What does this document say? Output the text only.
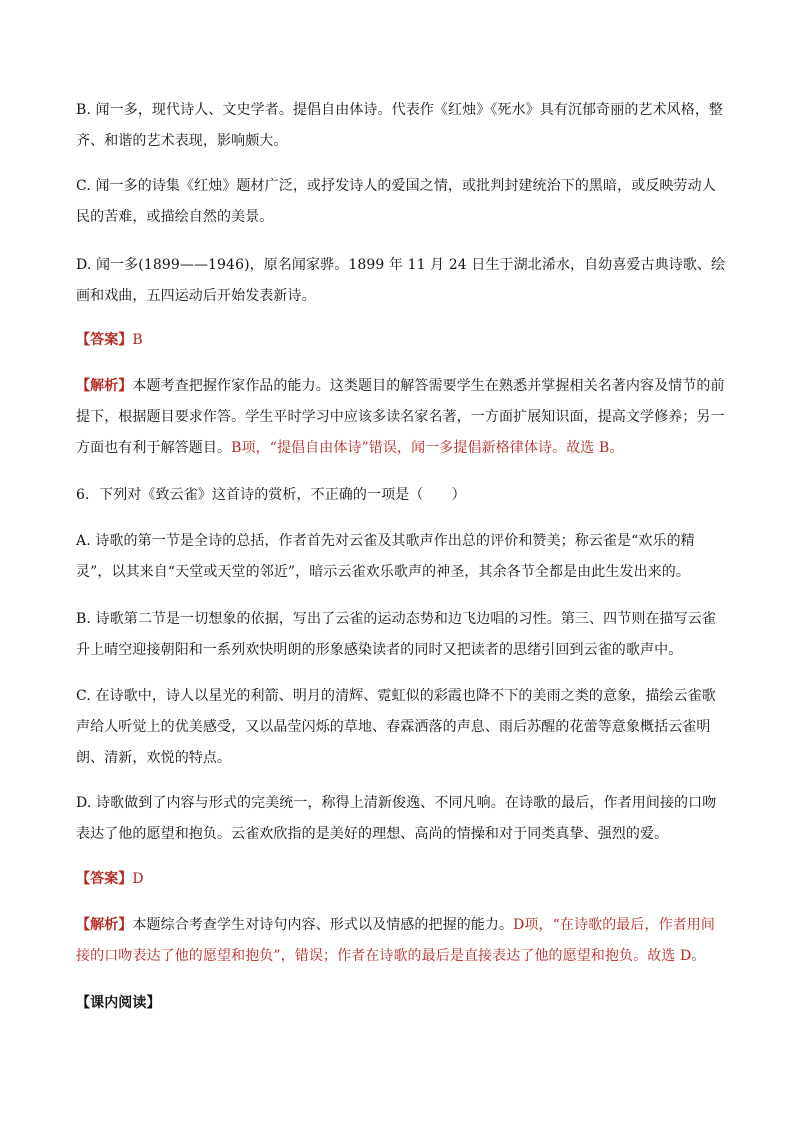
B. 闻一多，现代诗人、文史学者。提倡自由体诗。代表作《红烛》《死水》具有沉郁奇丽的艺术风格，整齐、和谐的艺术表现，影响颇大。
C. 闻一多的诗集《红烛》题材广泛，或抒发诗人的爱国之情，或批判封建统治下的黑暗，或反映劳动人民的苦难，或描绘自然的美景。
D. 闻一多(1899——1946)，原名闻家骅。1899 年 11 月 24 日生于湖北浠水，自幼喜爱古典诗歌、绘画和戏曲，五四运动后开始发表新诗。
【答案】B
【解析】本题考查把握作家作品的能力。这类题目的解答需要学生在熟悉并掌握相关名著内容及情节的前提下，根据题目要求作答。学生平时学习中应该多读名家名著，一方面扩展知识面，提高文学修养；另一方面也有利于解答题目。B项，“提倡自由体诗”错误，闻一多提倡新格律体诗。故选 B。
6．下列对《致云雀》这首诗的赏析，不正确的一项是（　　）
A. 诗歌的第一节是全诗的总括，作者首先对云雀及其歌声作出总的评价和赞美；称云雀是“欢乐的精灵”，以其来自“天堂或天堂的邻近”，暗示云雀欢乐歌声的神圣，其余各节全都是由此生发出来的。
B. 诗歌第二节是一切想象的依据，写出了云雀的运动态势和边飞边唱的习性。第三、四节则在描写云雀升上晴空迎接朝阳和一系列欢快明朗的形象感染读者的同时又把读者的思绪引回到云雀的歌声中。
C. 在诗歌中，诗人以星光的利箭、明月的清辉、霓虹似的彩霞也降不下的美雨之类的意象，描绘云雀歌声给人听觉上的优美感受，又以晶莹闪烁的草地、春霖洒落的声息、雨后苏醒的花蕾等意象概括云雀明朗、清新，欢悦的特点。
D. 诗歌做到了内容与形式的完美统一，称得上清新俊逸、不同凡响。在诗歌的最后，作者用间接的口吻表达了他的愿望和抱负。云雀欢欣指的是美好的理想、高尚的情操和对于同类真挚、强烈的爱。
【答案】D
【解析】本题综合考查学生对诗句内容、形式以及情感的把握的能力。D项，“在诗歌的最后，作者用间接的口吻表达了他的愿望和抱负”，错误；作者在诗歌的最后是直接表达了他的愿望和抱负。故选 D。
【课内阅读】
